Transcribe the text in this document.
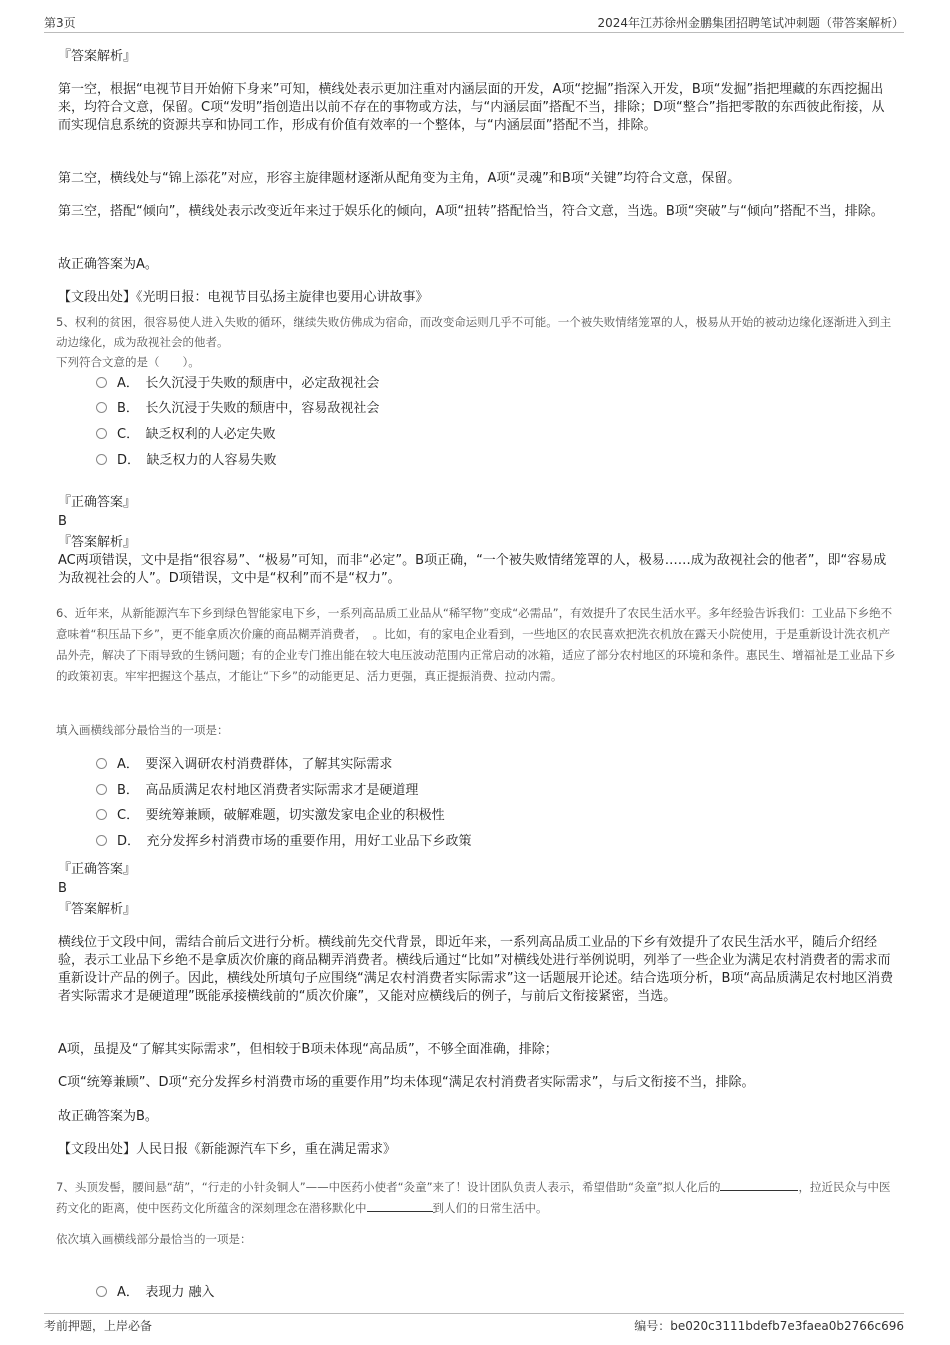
第3页	2024年江苏徐州金鹏集团招聘笔试冲刺题（带答案解析）

『答案解析』

第一空，根据“电视节目开始俯下身来”可知，横线处表示更加注重对内涵层面的开发，A项“挖掘”指深入开发，B项“发掘”指把埋藏的东西挖掘出来，均符合文意，保留。C项“发明”指创造出以前不存在的事物或方法，与“内涵层面”搭配不当，排除；D项“整合”指把零散的东西彼此衔接，从而实现信息系统的资源共享和协同工作，形成有价值有效率的一个整体，与“内涵层面”搭配不当，排除。

第二空，横线处与“锦上添花”对应，形容主旋律题材逐渐从配角变为主角，A项“灵魂”和B项“关键”均符合文意，保留。

第三空，搭配“倾向”，横线处表示改变近年来过于娱乐化的倾向，A项“扭转”搭配恰当，符合文意，当选。B项“突破”与“倾向”搭配不当，排除。

故正确答案为A。

【文段出处】《光明日报：电视节目弘扬主旋律也要用心讲故事》

5、权利的贫困，很容易使人进入失败的循环，继续失败仿佛成为宿命，而改变命运则几乎不可能。一个被失败情绪笼罩的人，极易从开始的被动边缘化逐渐进入到主动边缘化，成为敌视社会的他者。

下列符合文意的是（　　）。

A．　长久沉浸于失败的颓唐中，必定敌视社会
B．　长久沉浸于失败的颓唐中，容易敌视社会
C．　缺乏权利的人必定失败
D．　缺乏权力的人容易失败

『正确答案』

B

『答案解析』

AC两项错误，文中是指“很容易”、“极易”可知，而非“必定”。B项正确，“一个被失败情绪笼罩的人，极易……成为敌视社会的他者”，即“容易成为敌视社会的人”。D项错误，文中是“权利”而不是“权力”。

6、近年来，从新能源汽车下乡到绿色智能家电下乡，一系列高品质工业品从“稀罕物”变成“必需品”，有效提升了农民生活水平。多年经验告诉我们：工业品下乡绝不意味着“积压品下乡”，更不能拿质次价廉的商品糊弄消费者，　。比如，有的家电企业看到，一些地区的农民喜欢把洗衣机放在露天小院使用，于是重新设计洗衣机产品外壳，解决了下雨导致的生锈问题；有的企业专门推出能在较大电压波动范围内正常启动的冰箱，适应了部分农村地区的环境和条件。惠民生、增福祉是工业品下乡的政策初衷。牢牢把握这个基点，才能让“下乡”的动能更足、活力更强，真正提振消费、拉动内需。

填入画横线部分最恰当的一项是：

A．　要深入调研农村消费群体，了解其实际需求
B．　高品质满足农村地区消费者实际需求才是硬道理
C．　要统筹兼顾，破解难题，切实激发家电企业的积极性
D．　充分发挥乡村消费市场的重要作用，用好工业品下乡政策

『正确答案』

B

『答案解析』

横线位于文段中间，需结合前后文进行分析。横线前先交代背景，即近年来，一系列高品质工业品的下乡有效提升了农民生活水平，随后介绍经验，表示工业品下乡绝不是拿质次价廉的商品糊弄消费者。横线后通过“比如”对横线处进行举例说明，列举了一些企业为满足农村消费者的需求而重新设计产品的例子。因此，横线处所填句子应围绕“满足农村消费者实际需求”这一话题展开论述。结合选项分析，B项“高品质满足农村地区消费者实际需求才是硬道理”既能承接横线前的“质次价廉”，又能对应横线后的例子，与前后文衔接紧密，当选。

A项，虽提及“了解其实际需求”，但相较于B项未体现“高品质”，不够全面准确，排除；

C项“统筹兼顾”、D项“充分发挥乡村消费市场的重要作用”均未体现“满足农村消费者实际需求”，与后文衔接不当，排除。

故正确答案为B。

【文段出处】人民日报《新能源汽车下乡，重在满足需求》

7、头顶发髻，腰间悬“葫”，“行走的小针灸铜人”——中医药小使者“灸童”来了！设计团队负责人表示，希望借助“灸童”拟人化后的	，拉近民众与中医药文化的距离，使中医药文化所蕴含的深刻理念在潜移默化中	到人们的日常生活中。

依次填入画横线部分最恰当的一项是：

A．　表现力 融入
考前押题，上岸必备	编号：be020c3111bdefb7e3faea0b2766c696
